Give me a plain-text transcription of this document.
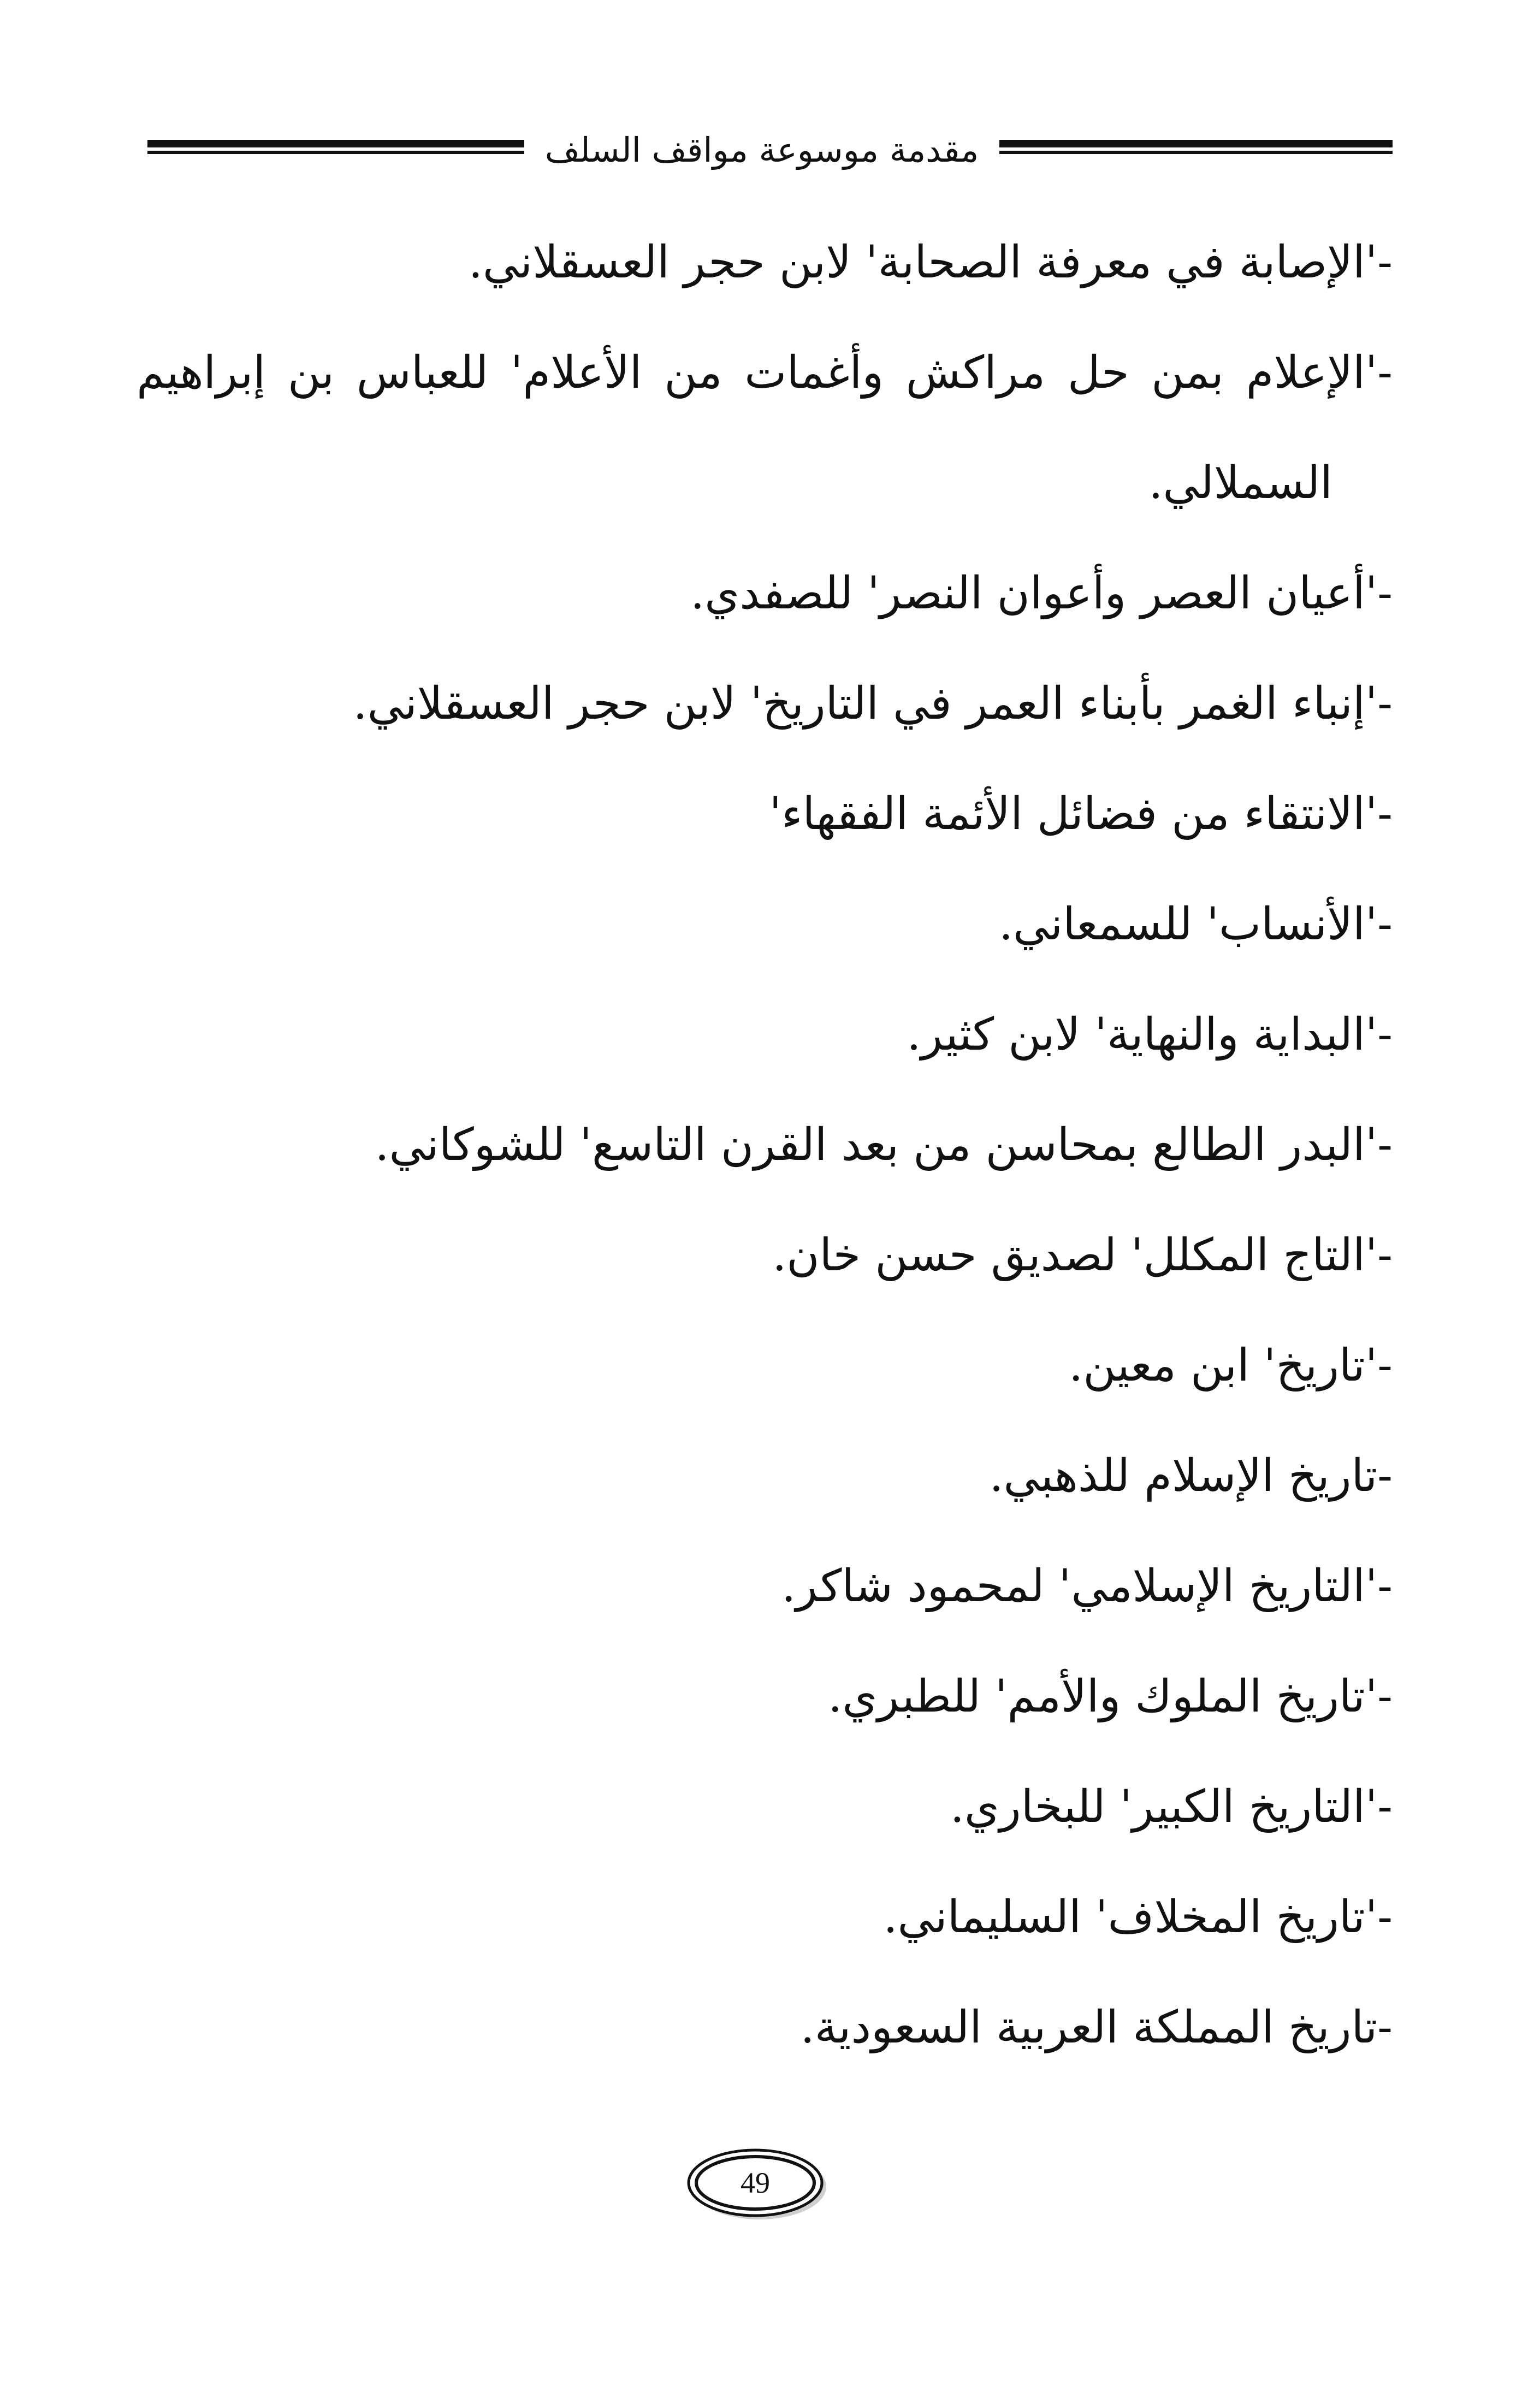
مقدمة موسوعة مواقف السلف
-'الإصابة في معرفة الصحابة' لابن حجر العسقلاني.
-'الإعلام بمن حل مراكش وأغمات من الأعلام' للعباس بن إبراهيم
السملالي.
-'أعيان العصر وأعوان النصر' للصفدي.
-'إنباء الغمر بأبناء العمر في التاريخ' لابن حجر العسقلاني.
-'الانتقاء من فضائل الأئمة الفقهاء'
-'الأنساب' للسمعاني.
-'البداية والنهاية' لابن كثير.
-'البدر الطالع بمحاسن من بعد القرن التاسع' للشوكاني.
-'التاج المكلل' لصديق حسن خان.
-'تاريخ' ابن معين.
-تاريخ الإسلام للذهبي.
-'التاريخ الإسلامي' لمحمود شاكر.
-'تاريخ الملوك والأمم' للطبري.
-'التاريخ الكبير' للبخاري.
-'تاريخ المخلاف' السليماني.
-تاريخ المملكة العربية السعودية.
49
